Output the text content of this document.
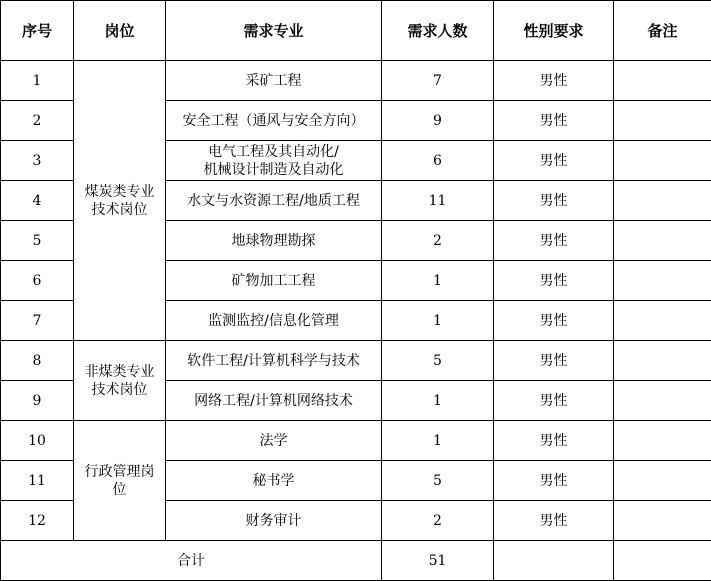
序号	岗位	需求专业	需求人数	性别要求	备注
1	煤炭类专业技术岗位	采矿工程	7	男性	
2		安全工程（通风与安全方向）	9	男性	
3		电气工程及其自动化/
机械设计制造及自动化	6	男性	
4		水文与水资源工程/地质工程	11	男性	
5		地球物理勘探	2	男性	
6		矿物加工工程	1	男性	
7		监测监控/信息化管理	1	男性	
8	非煤类专业技术岗位	软件工程/计算机科学与技术	5	男性	
9		网络工程/计算机网络技术	1	男性	
10	行政管理岗位	法学	1	男性	
11		秘书学	5	男性	
12		财务审计	2	男性	
合计			51		
